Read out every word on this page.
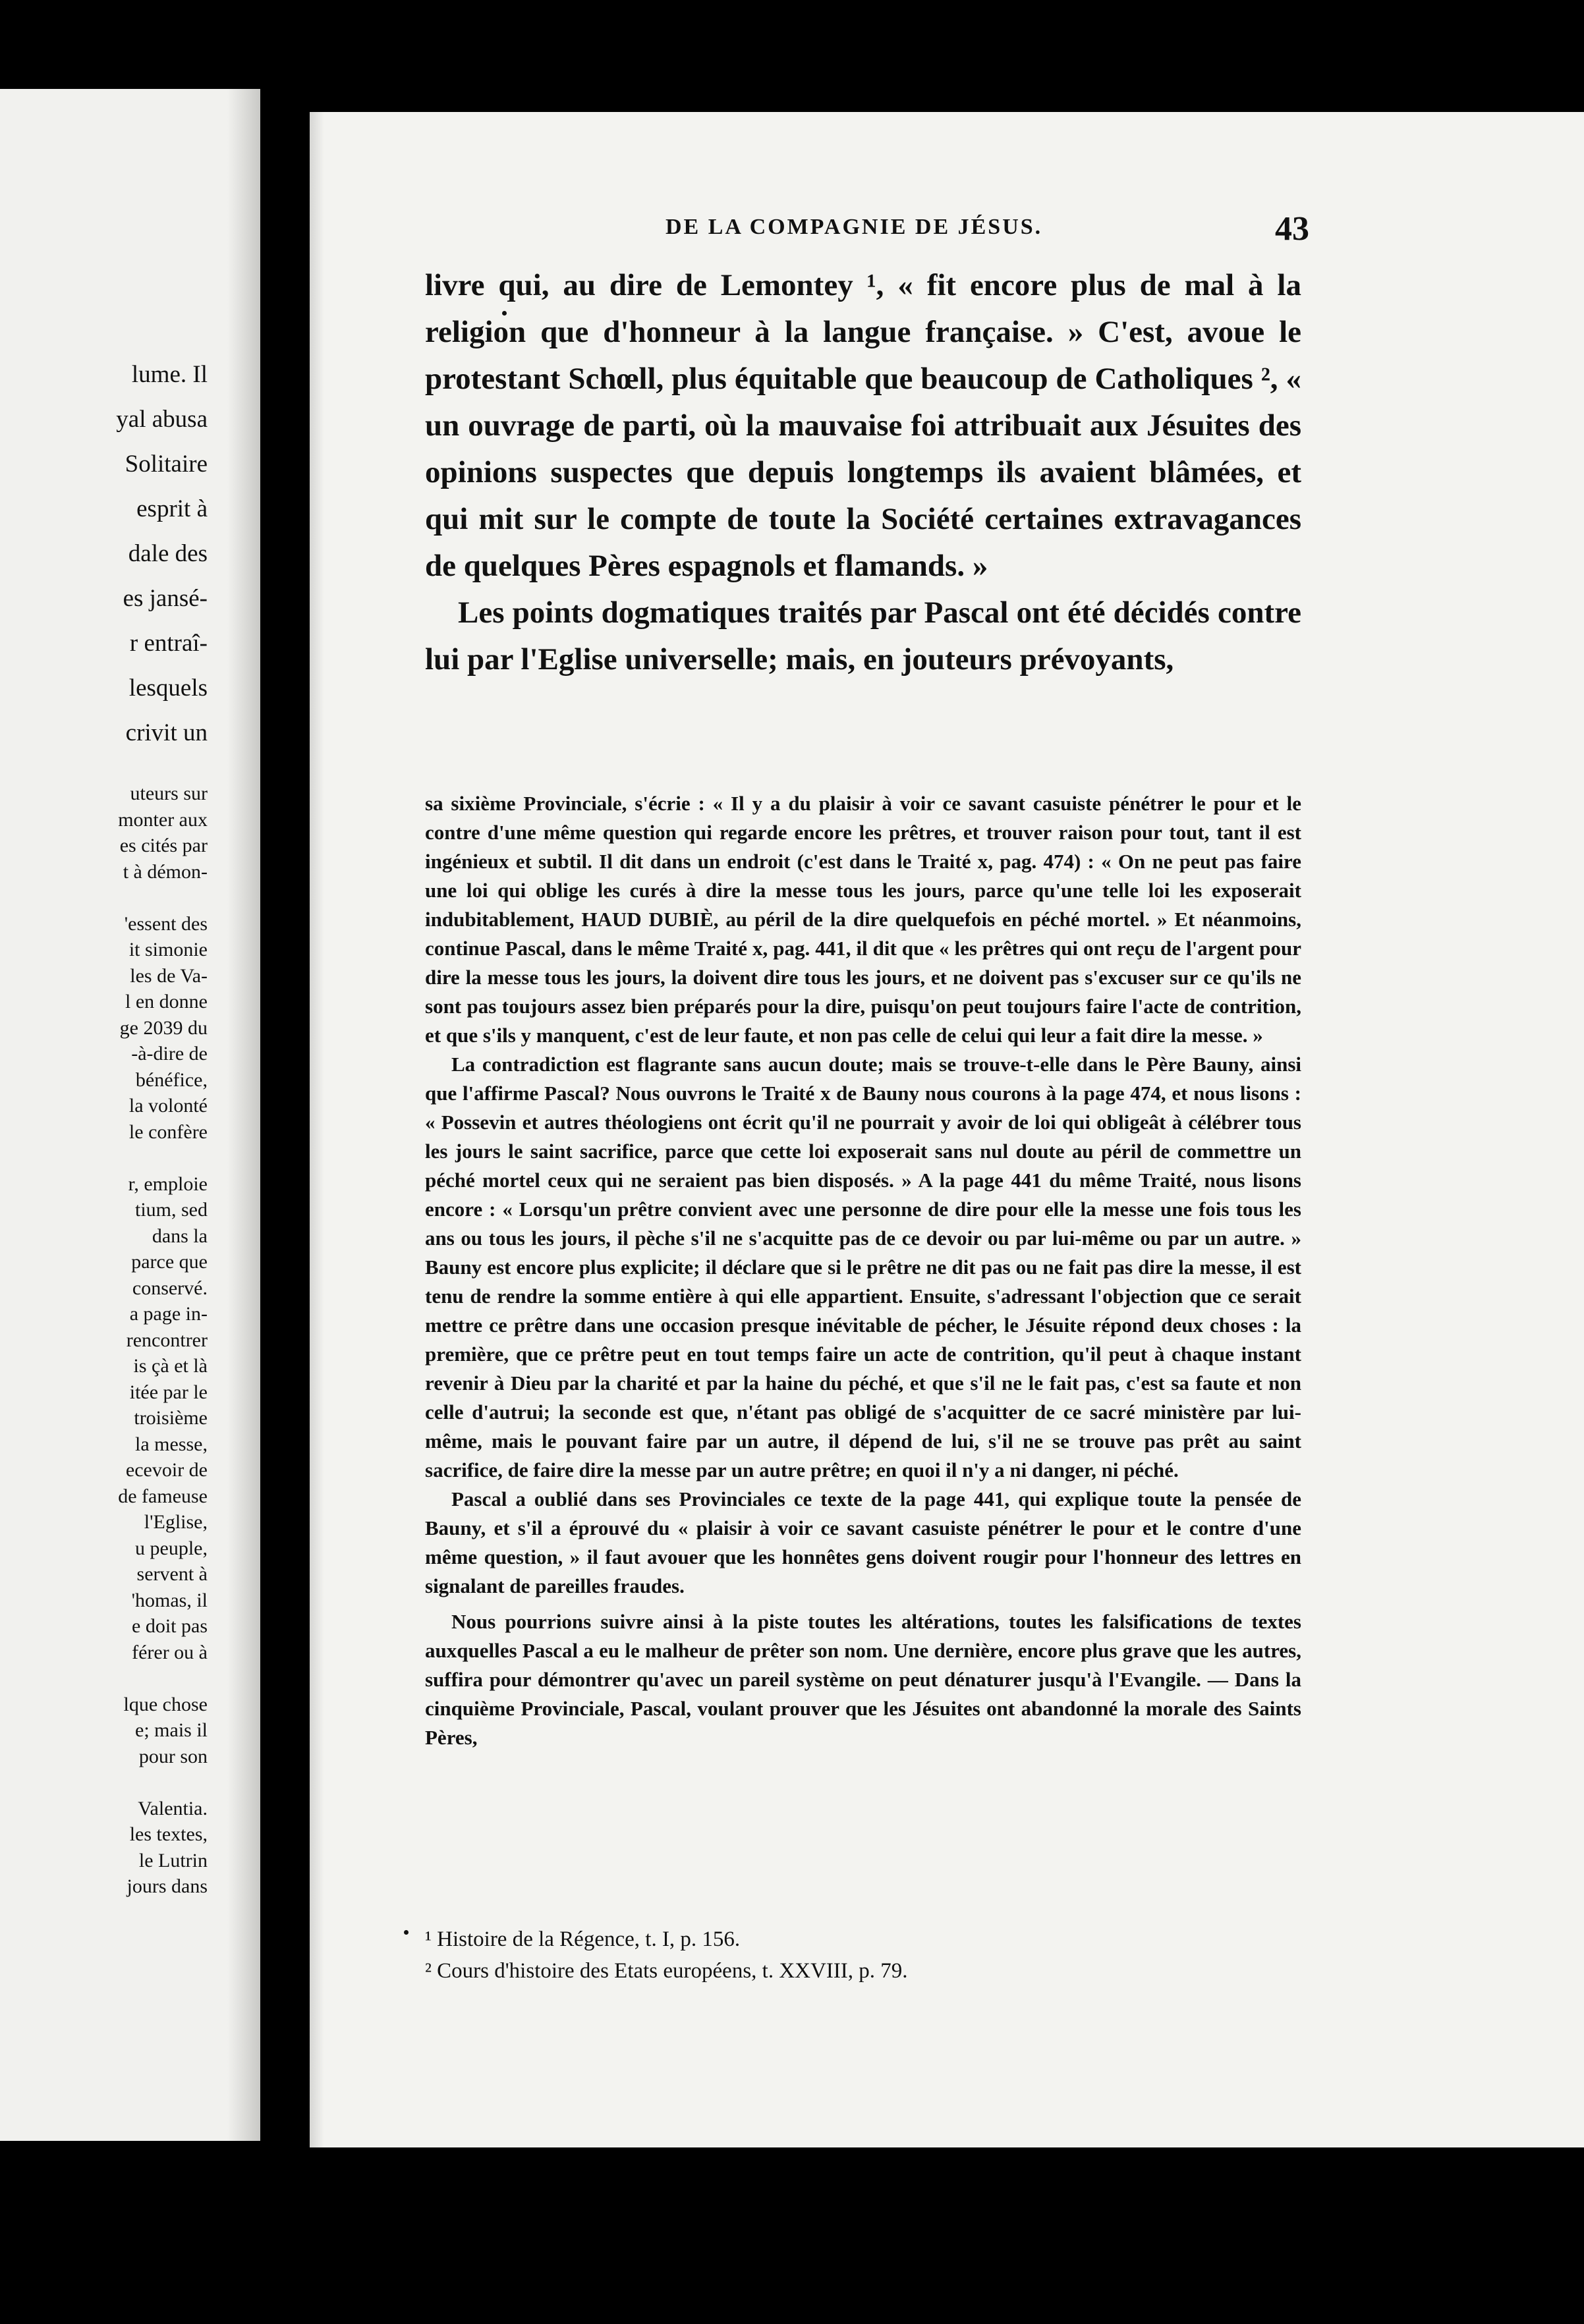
lume. Il

yal abusa

Solitaire

esprit à

dale des

es jansé-

r entraî-

lesquels

crivit un

uteurs sur

monter aux

es cités par

t à démon-

'essent des

it simonie

les de Va-

l en donne

ge 2039 du

-à-dire de

bénéfice,

la volonté

le confère

r, emploie

tium, sed

dans la

parce que

conservé.

a page in-

rencontrer

is çà et là

itée par le

troisième

la messe,

ecevoir de

de fameuse

l'Eglise,

u peuple,

servent à

'homas, il

e doit pas

férer ou à

lque chose

e; mais il

pour son

Valentia.

les textes,

le Lutrin

jours dans

DE LA COMPAGNIE DE JÉSUS.	43

livre qui, au dire de Lemontey ¹, « fit encore plus de mal à la religion que d'honneur à la langue française. » C'est, avoue le protestant Schœll, plus équitable que beaucoup de Catholiques ², « un ouvrage de parti, où la mauvaise foi attribuait aux Jésuites des opinions suspectes que depuis longtemps ils avaient blâmées, et qui mit sur le compte de toute la Société certaines extravagances de quelques Pères espagnols et flamands. »

Les points dogmatiques traités par Pascal ont été décidés contre lui par l'Eglise universelle; mais, en jouteurs prévoyants,

sa sixième Provinciale, s'écrie : « Il y a du plaisir à voir ce savant casuiste pénétrer le pour et le contre d'une même question qui regarde encore les prêtres, et trouver raison pour tout, tant il est ingénieux et subtil. Il dit dans un endroit (c'est dans le Traité x, pag. 474) : « On ne peut pas faire une loi qui oblige les curés à dire la messe tous les jours, parce qu'une telle loi les exposerait indubitablement, HAUD DUBIÈ, au péril de la dire quelquefois en péché mortel. » Et néanmoins, continue Pascal, dans le même Traité x, pag. 441, il dit que « les prêtres qui ont reçu de l'argent pour dire la messe tous les jours, la doivent dire tous les jours, et ne doivent pas s'excuser sur ce qu'ils ne sont pas toujours assez bien préparés pour la dire, puisqu'on peut toujours faire l'acte de contrition, et que s'ils y manquent, c'est de leur faute, et non pas celle de celui qui leur a fait dire la messe. »

La contradiction est flagrante sans aucun doute; mais se trouve-t-elle dans le Père Bauny, ainsi que l'affirme Pascal? Nous ouvrons le Traité x de Bauny nous courons à la page 474, et nous lisons : « Possevin et autres théologiens ont écrit qu'il ne pourrait y avoir de loi qui obligeât à célébrer tous les jours le saint sacrifice, parce que cette loi exposerait sans nul doute au péril de commettre un péché mortel ceux qui ne seraient pas bien disposés. » A la page 441 du même Traité, nous lisons encore : « Lorsqu'un prêtre convient avec une personne de dire pour elle la messe une fois tous les ans ou tous les jours, il pèche s'il ne s'acquitte pas de ce devoir ou par lui-même ou par un autre. » Bauny est encore plus explicite; il déclare que si le prêtre ne dit pas ou ne fait pas dire la messe, il est tenu de rendre la somme entière à qui elle appartient. Ensuite, s'adressant l'objection que ce serait mettre ce prêtre dans une occasion presque inévitable de pécher, le Jésuite répond deux choses : la première, que ce prêtre peut en tout temps faire un acte de contrition, qu'il peut à chaque instant revenir à Dieu par la charité et par la haine du péché, et que s'il ne le fait pas, c'est sa faute et non celle d'autrui; la seconde est que, n'étant pas obligé de s'acquitter de ce sacré ministère par lui-même, mais le pouvant faire par un autre, il dépend de lui, s'il ne se trouve pas prêt au saint sacrifice, de faire dire la messe par un autre prêtre; en quoi il n'y a ni danger, ni péché.

Pascal a oublié dans ses Provinciales ce texte de la page 441, qui explique toute la pensée de Bauny, et s'il a éprouvé du « plaisir à voir ce savant casuiste pénétrer le pour et le contre d'une même question, » il faut avouer que les honnêtes gens doivent rougir pour l'honneur des lettres en signalant de pareilles fraudes.

Nous pourrions suivre ainsi à la piste toutes les altérations, toutes les falsifications de textes auxquelles Pascal a eu le malheur de prêter son nom. Une dernière, encore plus grave que les autres, suffira pour démontrer qu'avec un pareil système on peut dénaturer jusqu'à l'Evangile. — Dans la cinquième Provinciale, Pascal, voulant prouver que les Jésuites ont abandonné la morale des Saints Pères,

¹ Histoire de la Régence, t. I, p. 156.

² Cours d'histoire des Etats européens, t. XXVIII, p. 79.
